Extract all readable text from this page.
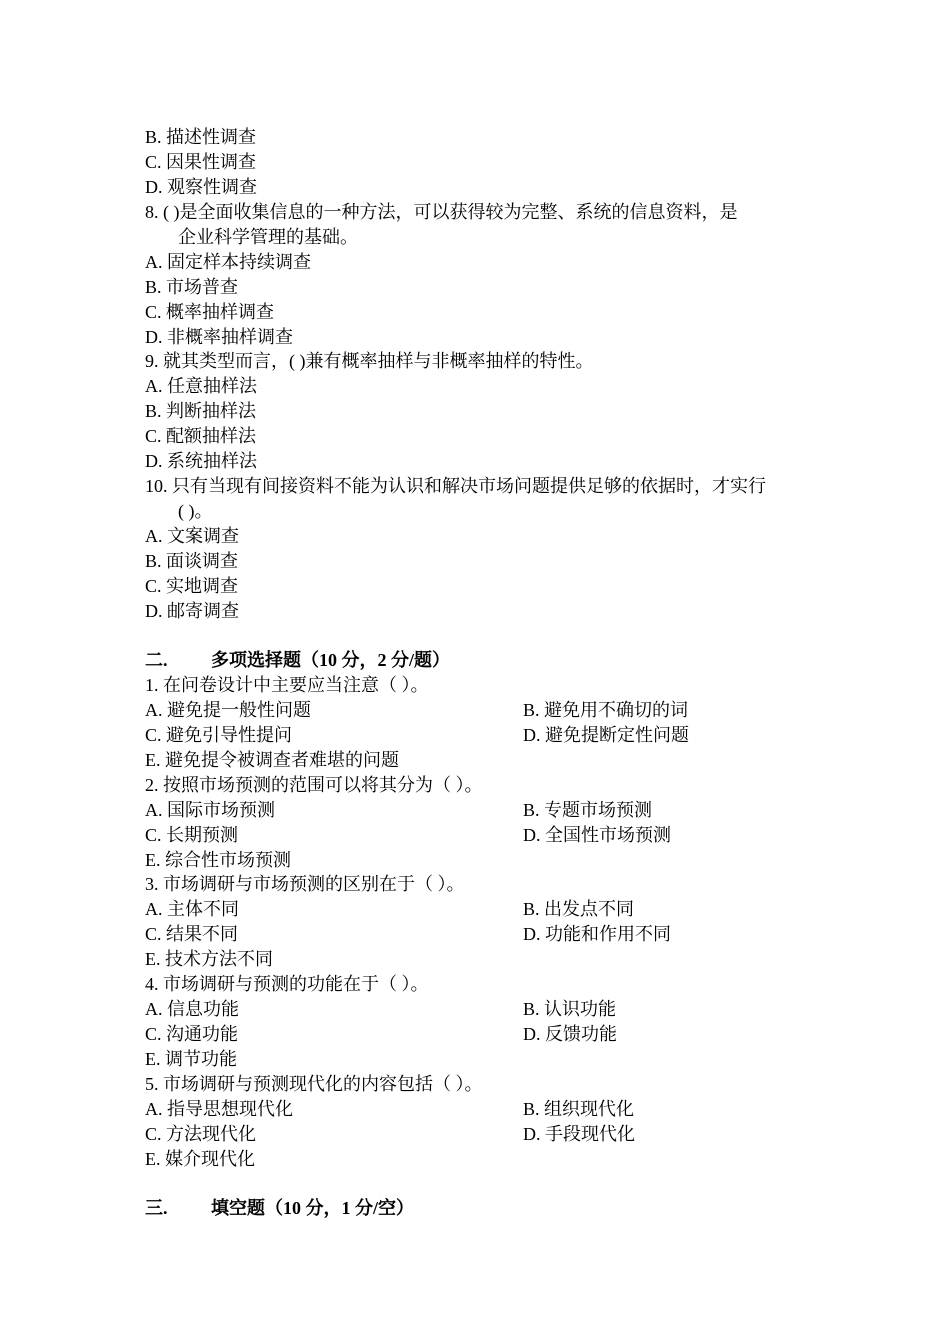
B. 描述性调查
C. 因果性调查
D. 观察性调查
8. ( )是全面收集信息的一种方法，可以获得较为完整、系统的信息资料，是
企业科学管理的基础。
A. 固定样本持续调查
B. 市场普查
C. 概率抽样调查
D. 非概率抽样调查
9. 就其类型而言，( )兼有概率抽样与非概率抽样的特性。
A. 任意抽样法
B. 判断抽样法
C. 配额抽样法
D. 系统抽样法
10. 只有当现有间接资料不能为认识和解决市场问题提供足够的依据时，才实行
( )。
A. 文案调查
B. 面谈调查
C. 实地调查
D. 邮寄调查
二. 多项选择题（10 分，2 分/题）
1. 在问卷设计中主要应当注意（ ）。
A. 避免提一般性问题	B. 避免用不确切的词
C. 避免引导性提问	D. 避免提断定性问题
E. 避免提令被调查者难堪的问题
2. 按照市场预测的范围可以将其分为（ ）。
A. 国际市场预测	B. 专题市场预测
C. 长期预测	D. 全国性市场预测
E. 综合性市场预测
3. 市场调研与市场预测的区别在于（ ）。
A. 主体不同	B. 出发点不同
C. 结果不同	D. 功能和作用不同
E. 技术方法不同
4. 市场调研与预测的功能在于（ ）。
A. 信息功能	B. 认识功能
C. 沟通功能	D. 反馈功能
E. 调节功能
5. 市场调研与预测现代化的内容包括（ ）。
A. 指导思想现代化	B. 组织现代化
C. 方法现代化	D. 手段现代化
E. 媒介现代化
三. 填空题（10 分，1 分/空）
